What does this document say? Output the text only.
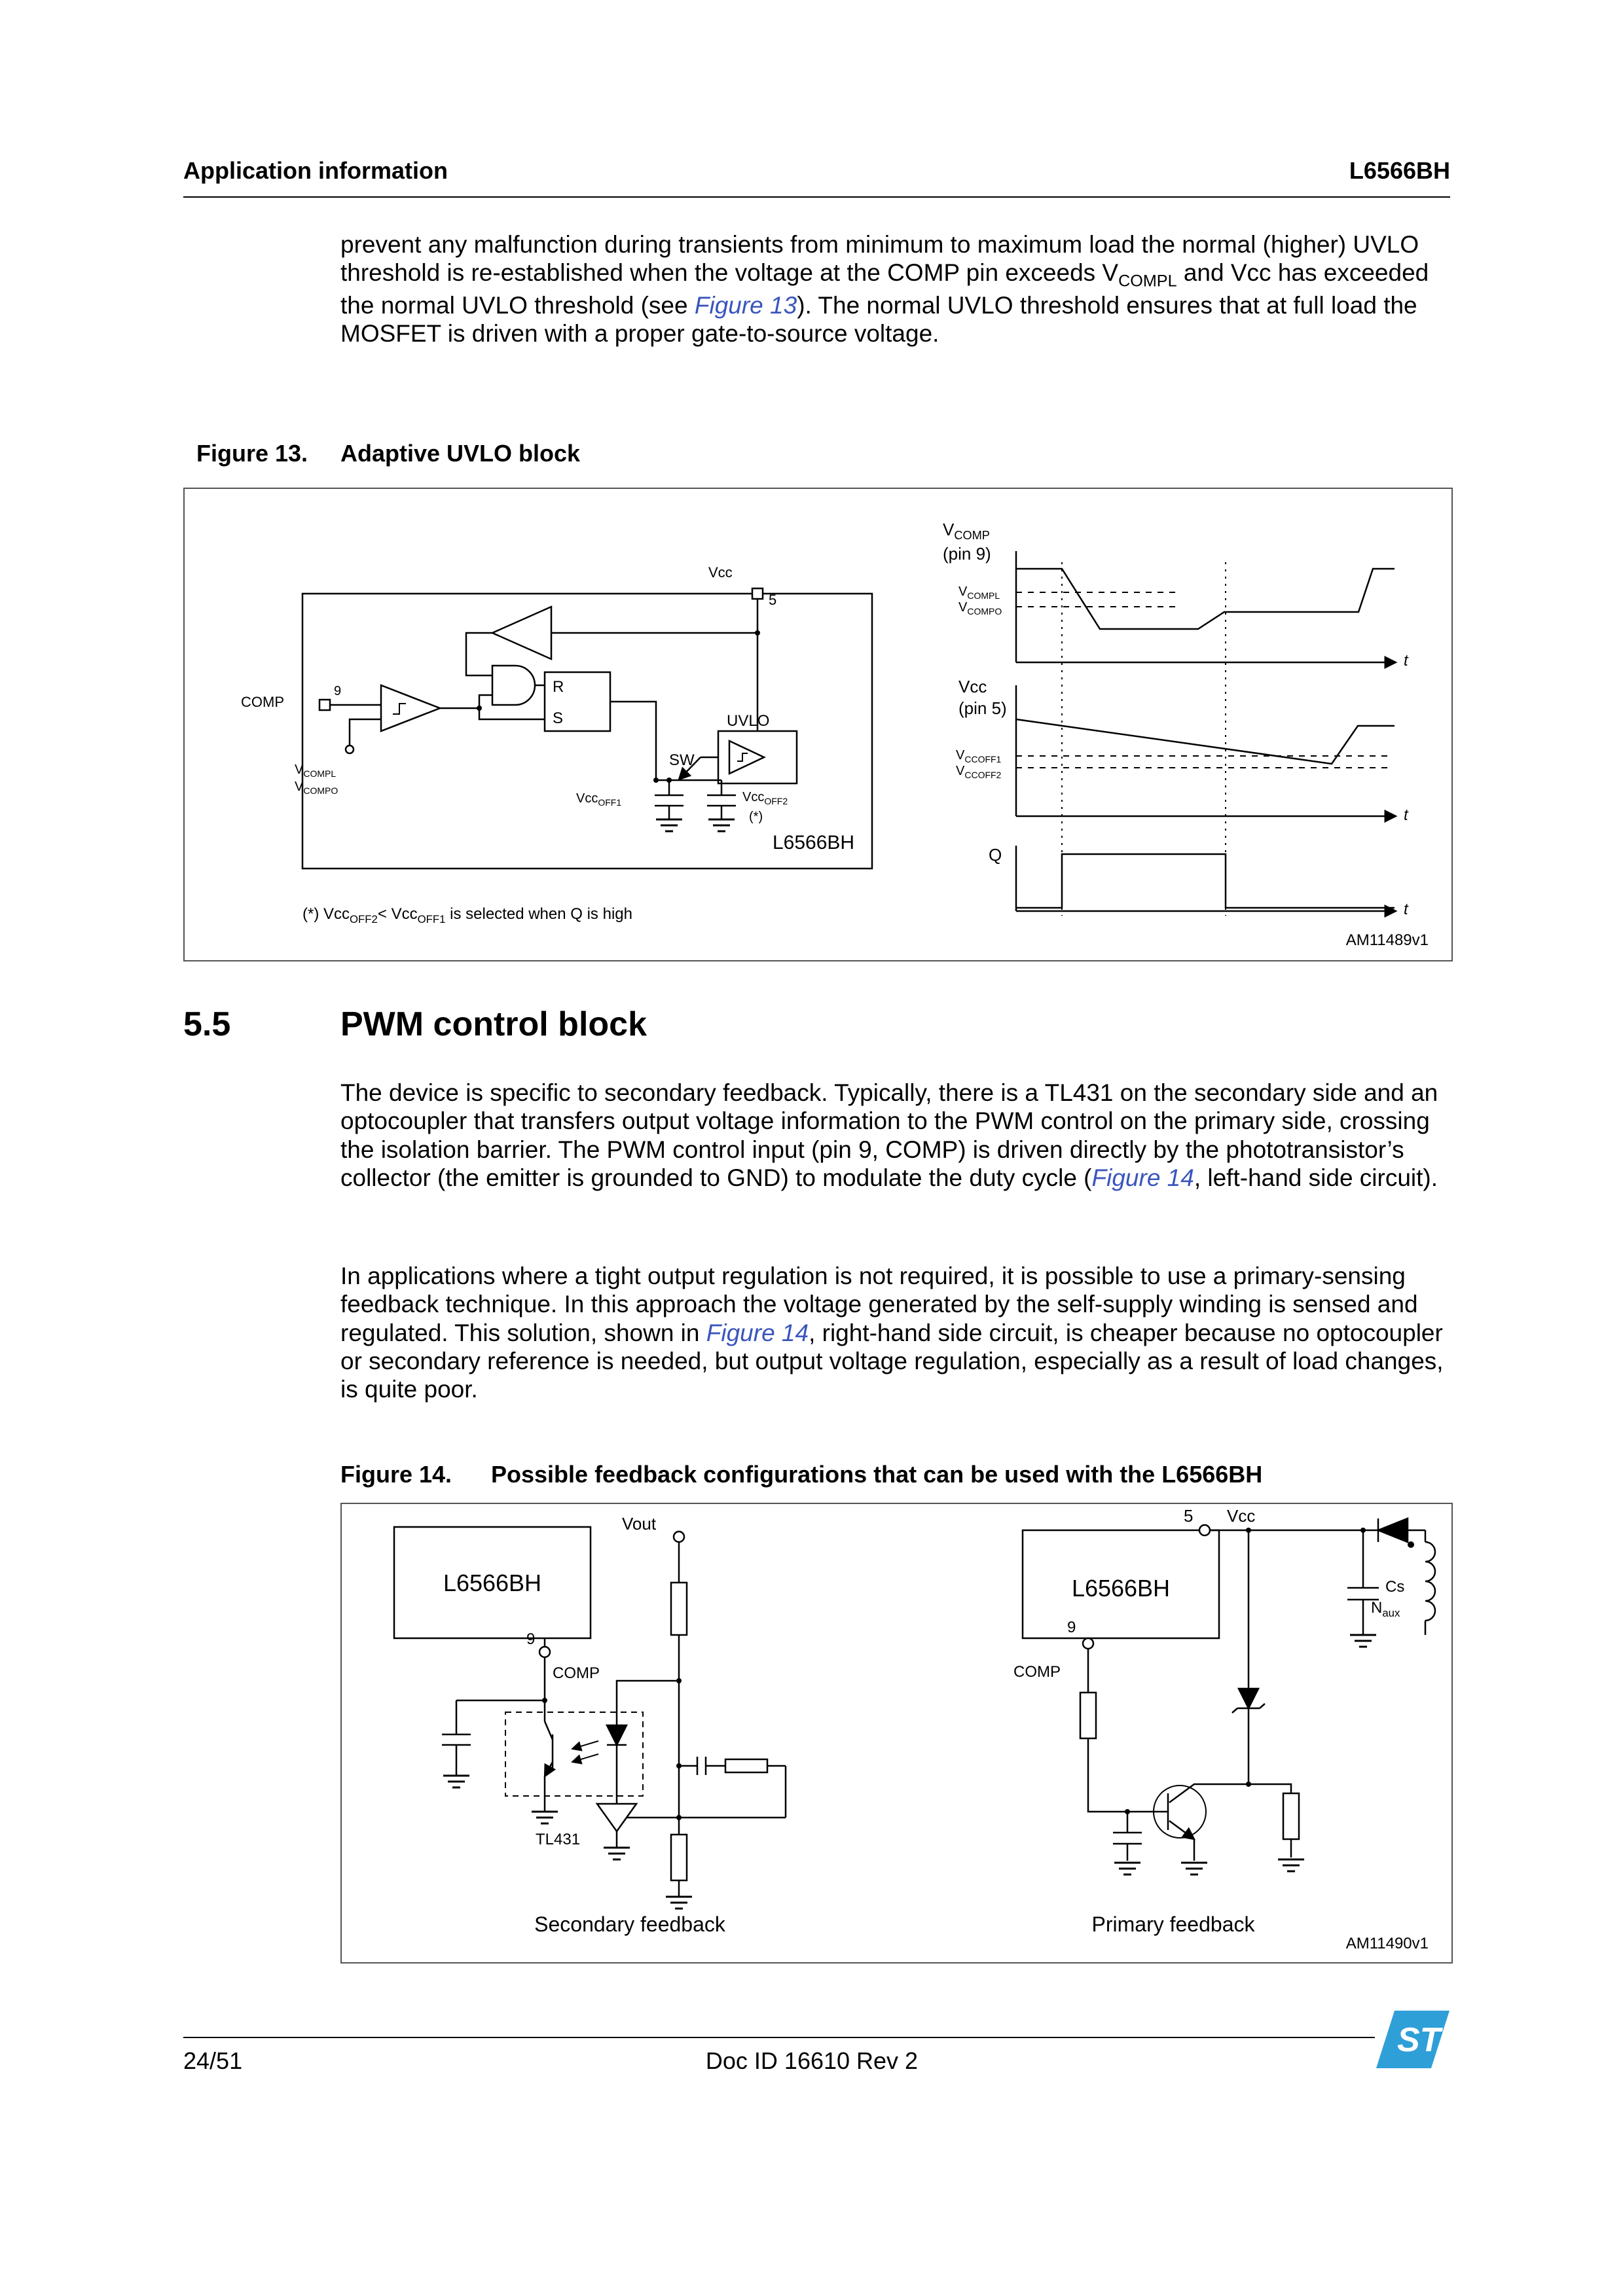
Application information	L6566BH

prevent any malfunction during transients from minimum to maximum load the normal (higher) UVLO threshold is re-established when the voltage at the COMP pin exceeds $V_{COMPL}$ and Vcc has exceeded the normal UVLO threshold (see Figure 13). The normal UVLO threshold ensures that at full load the MOSFET is driven with a proper gate-to-source voltage.

Figure 13. Adaptive UVLO block
Vcc
5
COMP
9
$V_{COMPL}$
$V_{COMPO}$
R
S	UVLO
SW
Vcc$_{OFF1}$	Vcc$_{OFF2}$
(*)
L6566BH
$V_{COMP}$
(pin 9)
$V_{COMPL}$
$V_{COMPO}$
Vcc
(pin 5)
$V_{CCOFF1}$
$V_{CCOFF2}$
Q
t
t
t
(*) Vcc$_{OFF2}$< Vcc$_{OFF1}$ is selected when Q is high
AM11489v1
5.5	PWM control block

The device is specific to secondary feedback. Typically, there is a TL431 on the secondary side and an optocoupler that transfers output voltage information to the PWM control on the primary side, crossing the isolation barrier. The PWM control input (pin 9, COMP) is driven directly by the phototransistor’s collector (the emitter is grounded to GND) to modulate the duty cycle (Figure 14, left-hand side circuit).

In applications where a tight output regulation is not required, it is possible to use a primary-sensing feedback technique. In this approach the voltage generated by the self-supply winding is sensed and regulated. This solution, shown in Figure 14, right-hand side circuit, is cheaper because no optocoupler or secondary reference is needed, but output voltage regulation, especially as a result of load changes, is quite poor.

Figure 14. Possible feedback configurations that can be used with the L6566BH
L6566BH
9
COMP
Vout
TL431
Secondary feedback
L6566BH
5 Vcc
9
COMP
Cs
$N_{aux}$
Primary feedback
AM11490v1
24/51	Doc ID 16610 Rev 2
ST
